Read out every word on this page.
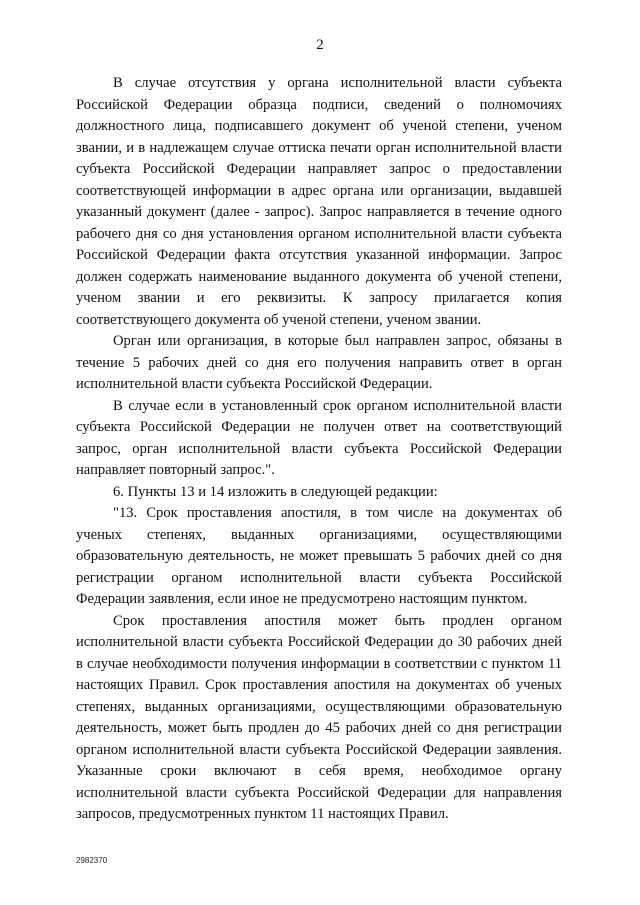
2

В случае отсутствия у органа исполнительной власти субъекта Российской Федерации образца подписи, сведений о полномочиях должностного лица, подписавшего документ об ученой степени, ученом звании, и в надлежащем случае оттиска печати орган исполнительной власти субъекта Российской Федерации направляет запрос о предоставлении соответствующей информации в адрес органа или организации, выдавшей указанный документ (далее - запрос). Запрос направляется в течение одного рабочего дня со дня установления органом исполнительной власти субъекта Российской Федерации факта отсутствия указанной информации. Запрос должен содержать наименование выданного документа об ученой степени, ученом звании и его реквизиты. К запросу прилагается копия соответствующего документа об ученой степени, ученом звании.

Орган или организация, в которые был направлен запрос, обязаны в течение 5 рабочих дней со дня его получения направить ответ в орган исполнительной власти субъекта Российской Федерации.

В случае если в установленный срок органом исполнительной власти субъекта Российской Федерации не получен ответ на соответствующий запрос, орган исполнительной власти субъекта Российской Федерации направляет повторный запрос.".

6. Пункты 13 и 14 изложить в следующей редакции:

"13. Срок проставления апостиля, в том числе на документах об ученых степенях, выданных организациями, осуществляющими образовательную деятельность, не может превышать 5 рабочих дней со дня регистрации органом исполнительной власти субъекта Российской Федерации заявления, если иное не предусмотрено настоящим пунктом.

Срок проставления апостиля может быть продлен органом исполнительной власти субъекта Российской Федерации до 30 рабочих дней в случае необходимости получения информации в соответствии с пунктом 11 настоящих Правил. Срок проставления апостиля на документах об ученых степенях, выданных организациями, осуществляющими образовательную деятельность, может быть продлен до 45 рабочих дней со дня регистрации органом исполнительной власти субъекта Российской Федерации заявления. Указанные сроки включают в себя время, необходимое органу исполнительной власти субъекта Российской Федерации для направления запросов, предусмотренных пунктом 11 настоящих Правил.

2982370
